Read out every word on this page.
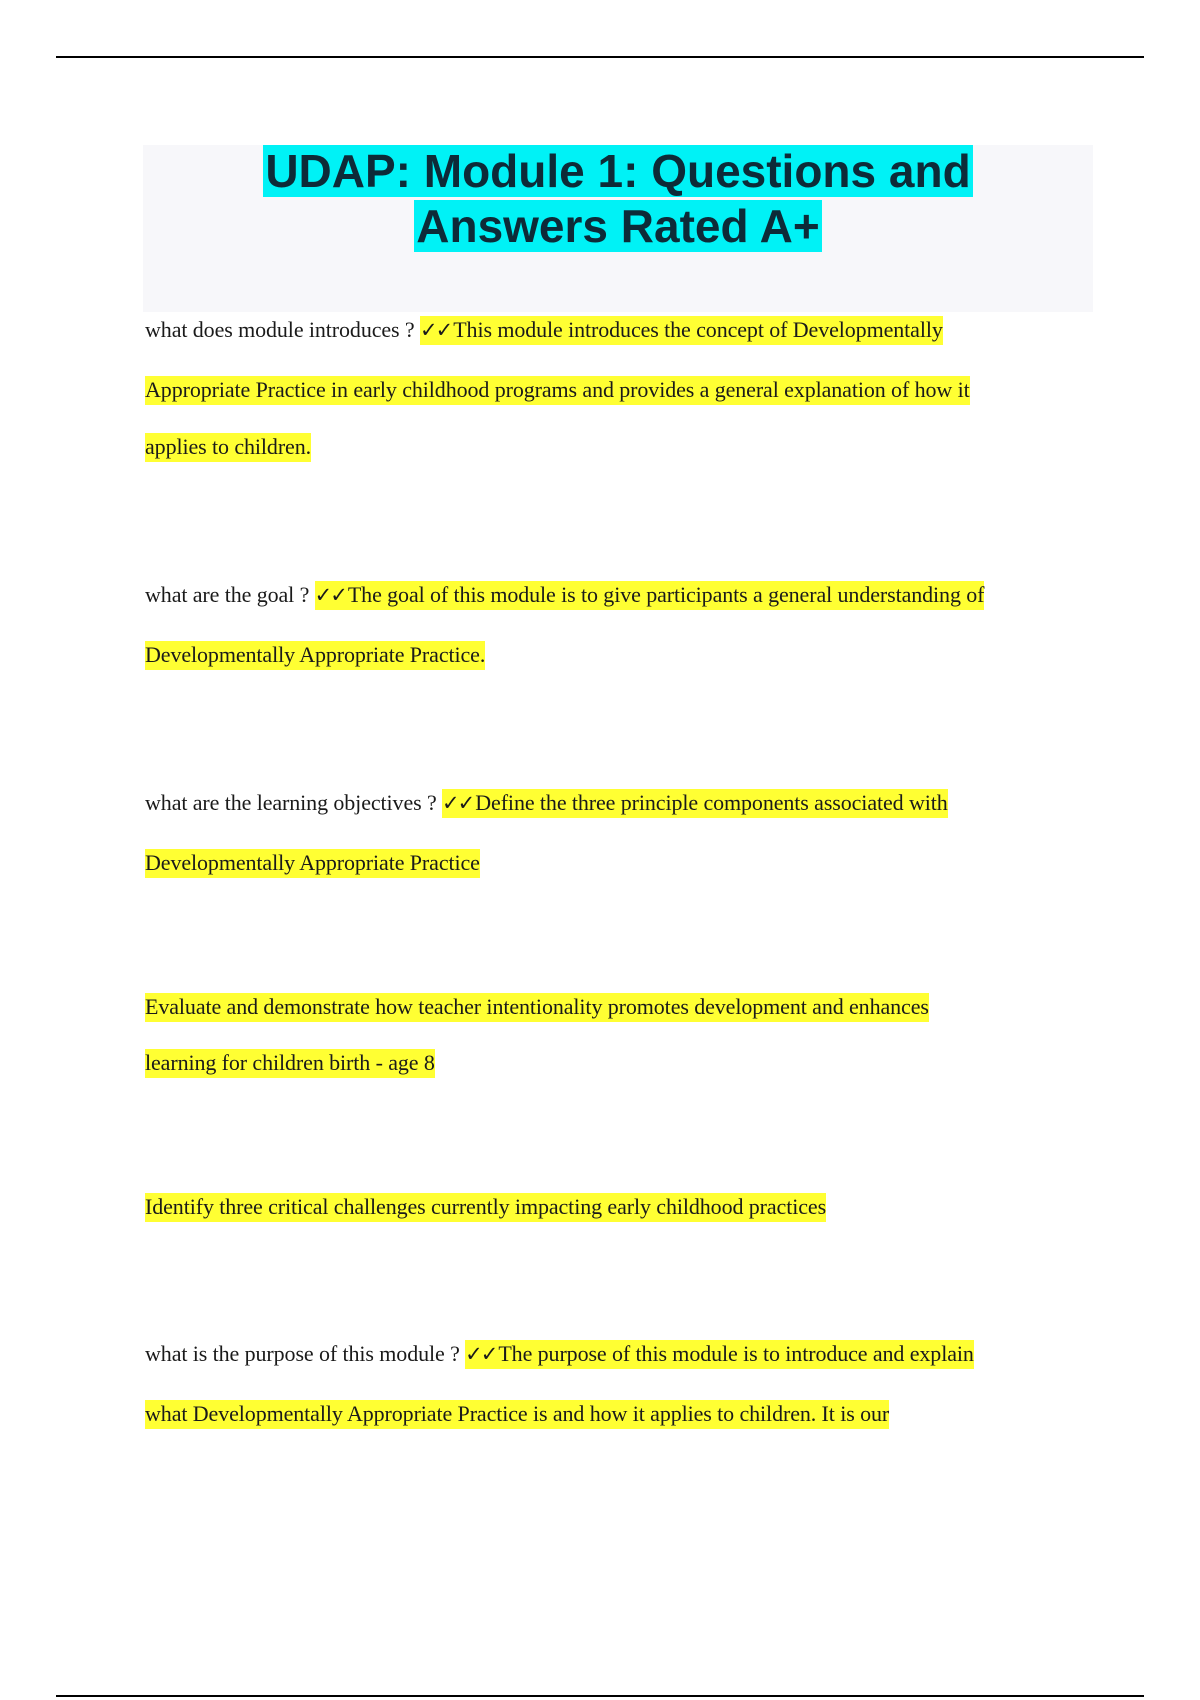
UDAP: Module 1: Questions and
Answers Rated A+
what does module introduces ? ✓✓This module introduces the concept of Developmentally
Appropriate Practice in early childhood programs and provides a general explanation of how it
applies to children.
what are the goal ? ✓✓The goal of this module is to give participants a general understanding of
Developmentally Appropriate Practice.
what are the learning objectives ? ✓✓Define the three principle components associated with
Developmentally Appropriate Practice
Evaluate and demonstrate how teacher intentionality promotes development and enhances
learning for children birth - age 8
Identify three critical challenges currently impacting early childhood practices
what is the purpose of this module ? ✓✓The purpose of this module is to introduce and explain
what Developmentally Appropriate Practice is and how it applies to children. It is our
